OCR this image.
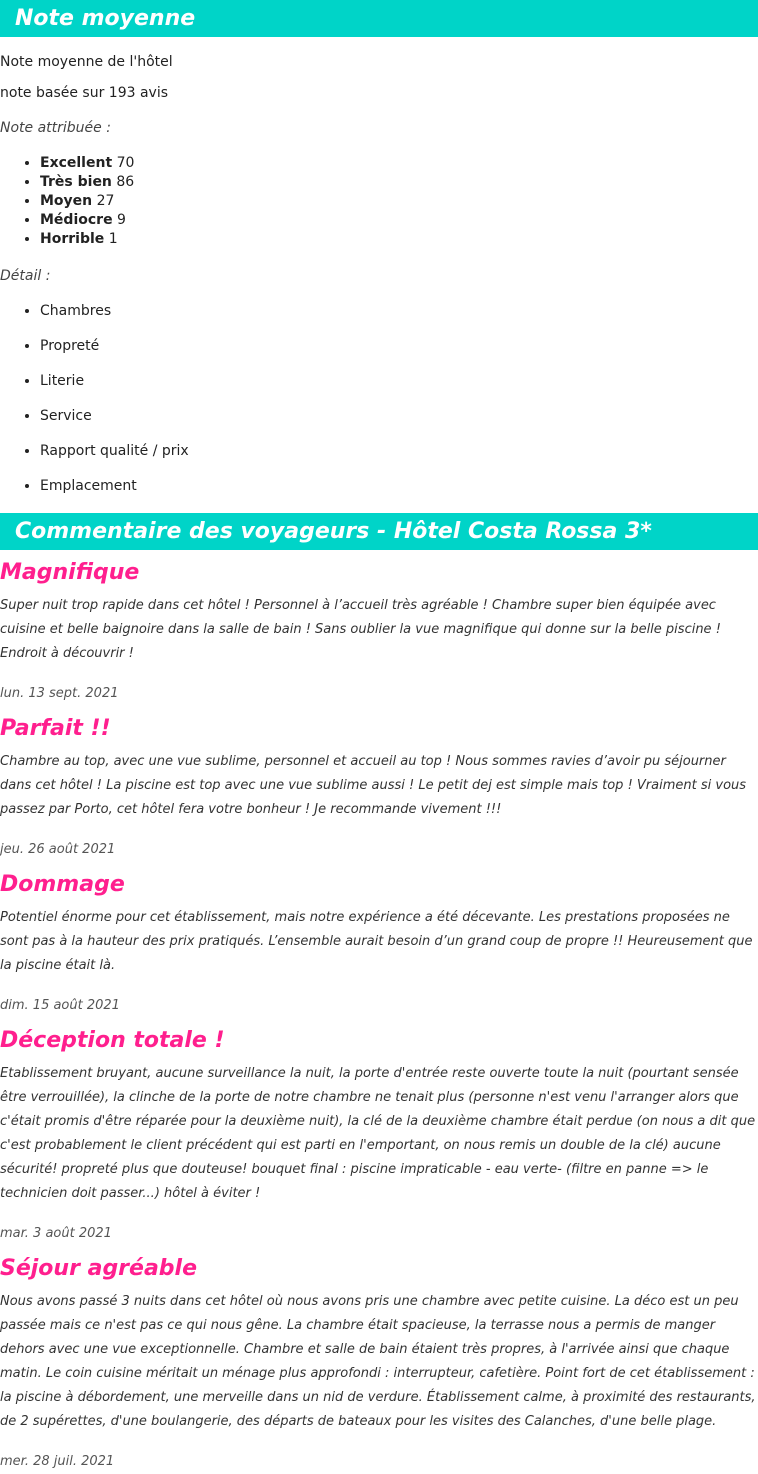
Note moyenne

Note moyenne de l'hôtel

note basée sur 193 avis

Note attribuée :

• Excellent 70
• Très bien 86
• Moyen 27
• Médiocre 9
• Horrible 1

Détail :

• Chambres
• Propreté
• Literie
• Service
• Rapport qualité / prix
• Emplacement
Commentaire des voyageurs - Hôtel Costa Rossa 3*
Magnifique

Super nuit trop rapide dans cet hôtel ! Personnel à l’accueil très agréable ! Chambre super bien équipée avec cuisine et belle baignoire dans la salle de bain ! Sans oublier la vue magnifique qui donne sur la belle piscine ! Endroit à découvrir !

lun. 13 sept. 2021

Parfait !!

Chambre au top, avec une vue sublime, personnel et accueil au top ! Nous sommes ravies d’avoir pu séjourner dans cet hôtel ! La piscine est top avec une vue sublime aussi ! Le petit dej est simple mais top ! Vraiment si vous passez par Porto, cet hôtel fera votre bonheur ! Je recommande vivement !!!

jeu. 26 août 2021

Dommage

Potentiel énorme pour cet établissement, mais notre expérience a été décevante. Les prestations proposées ne sont pas à la hauteur des prix pratiqués. L’ensemble aurait besoin d’un grand coup de propre !! Heureusement que la piscine était là.

dim. 15 août 2021

Déception totale !

Etablissement bruyant, aucune surveillance la nuit, la porte d'entrée reste ouverte toute la nuit (pourtant sensée être verrouillée), la clinche de la porte de notre chambre ne tenait plus (personne n'est venu l'arranger alors que c'était promis d'être réparée pour la deuxième nuit), la clé de la deuxième chambre était perdue (on nous a dit que c'est probablement le client précédent qui est parti en l'emportant, on nous remis un double de la clé) aucune sécurité! propreté plus que douteuse! bouquet final : piscine impraticable - eau verte- (filtre en panne => le technicien doit passer...) hôtel à éviter !

mar. 3 août 2021

Séjour agréable

Nous avons passé 3 nuits dans cet hôtel où nous avons pris une chambre avec petite cuisine. La déco est un peu passée mais ce n'est pas ce qui nous gêne. La chambre était spacieuse, la terrasse nous a permis de manger dehors avec une vue exceptionnelle. Chambre et salle de bain étaient très propres, à l'arrivée ainsi que chaque matin. Le coin cuisine méritait un ménage plus approfondi : interrupteur, cafetière. Point fort de cet établissement : la piscine à débordement, une merveille dans un nid de verdure. Établissement calme, à proximité des restaurants, de 2 supérettes, d'une boulangerie, des départs de bateaux pour les visites des Calanches, d'une belle plage.

mer. 28 juil. 2021
